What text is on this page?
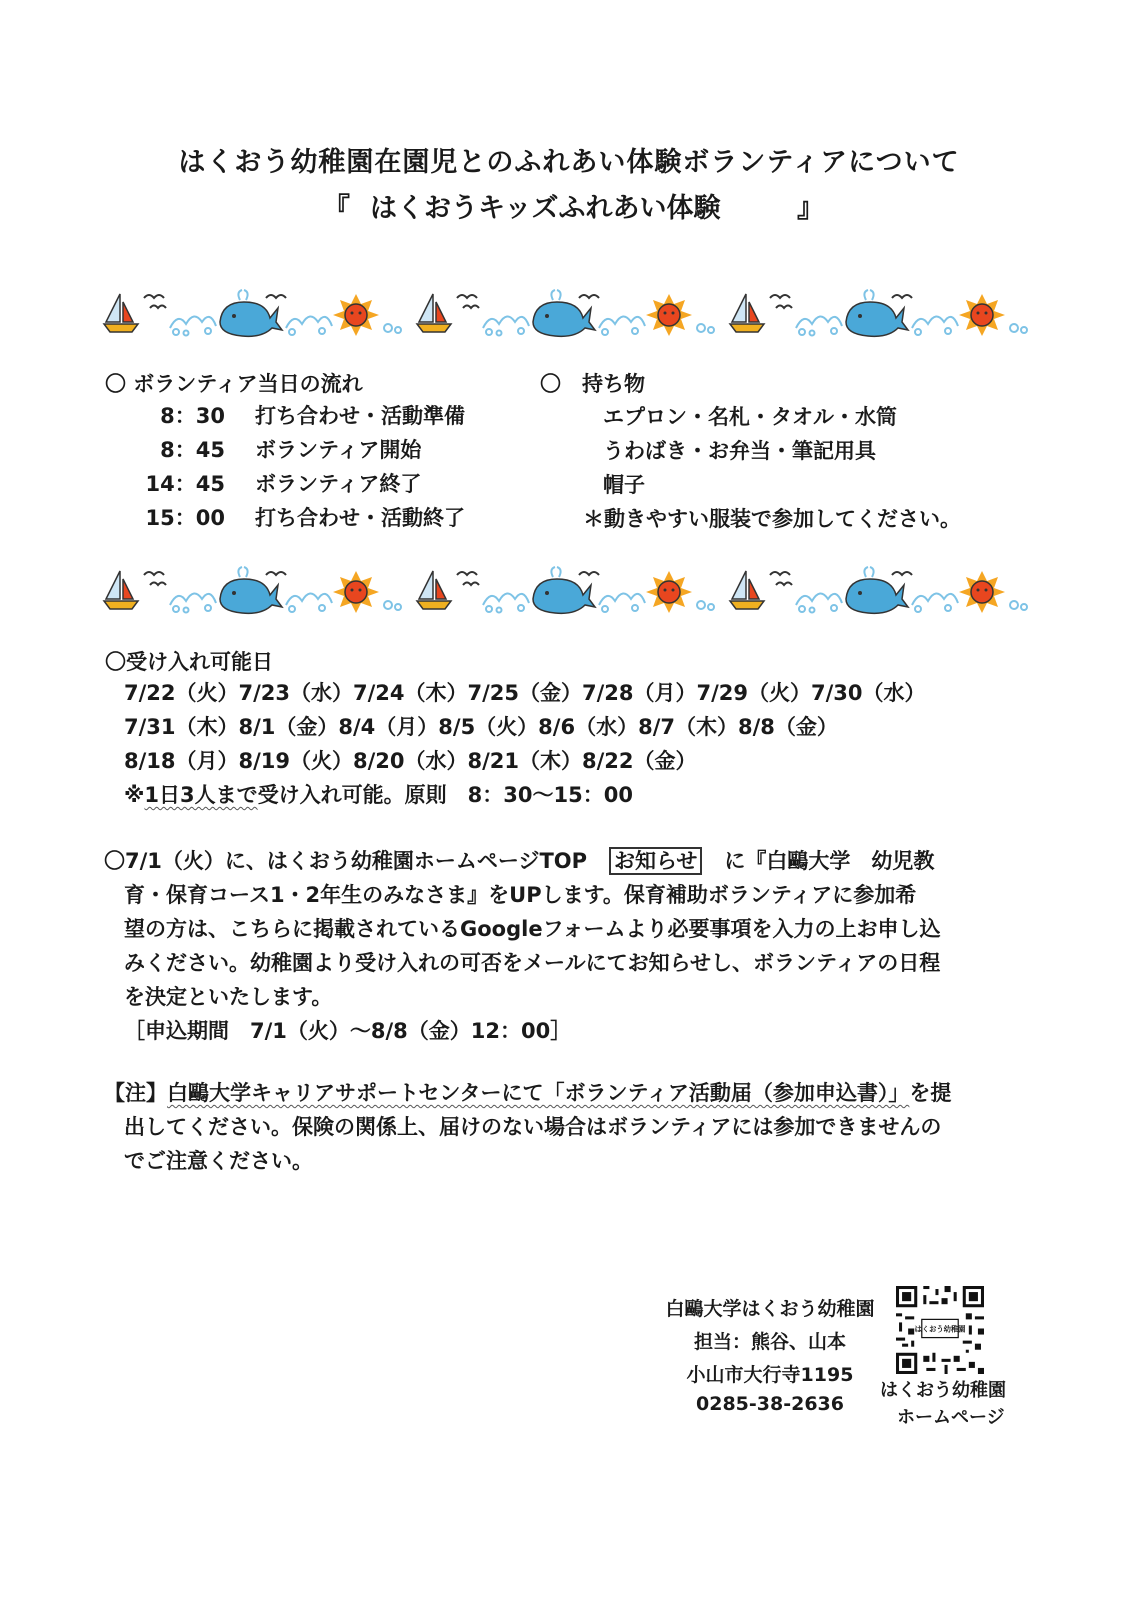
はくおう幼稚園在園児とのふれあい体験ボランティアについて
『 はくおうキッズふれあい体験	』
〇 ボランティア当日の流れ
8：30 打ち合わせ・活動準備
8：45 ボランティア開始
14：45 ボランティア終了
15：00 打ち合わせ・活動終了
〇　持ち物
エプロン・名札・タオル・水筒
うわばき・お弁当・筆記用具
帽子
＊動きやすい服装で参加してください。
〇受け入れ可能日
7/22（火）7/23（水）7/24（木）7/25（金）7/28（月）7/29（火）7/30（水）
7/31（木）8/1（金）8/4（月）8/5（火）8/6（水）8/7（木）8/8（金）
8/18（月）8/19（火）8/20（水）8/21（木）8/22（金）
※1日3人まで受け入れ可能。原則　8：30〜15：00
〇7/1（火）に、はくおう幼稚園ホームページTOP お知らせ に『白鷗大学　幼児教
育・保育コース1・2年生のみなさま』をUPします。保育補助ボランティアに参加希
望の方は、こちらに掲載されているGoogleフォームより必要事項を入力の上お申し込
みください。幼稚園より受け入れの可否をメールにてお知らせし、ボランティアの日程
を決定といたします。
［申込期間　7/1（火）〜8/8（金）12：00］
【注】白鷗大学キャリアサポートセンターにて「ボランティア活動届（参加申込書）」を提
出してください。保険の関係上、届けのない場合はボランティアには参加できませんの
でご注意ください。
白鷗大学はくおう幼稚園
担当：熊谷、山本
小山市大行寺1195
0285-38-2636
はくおう幼稚園
はくおう幼稚園
ホームページ
